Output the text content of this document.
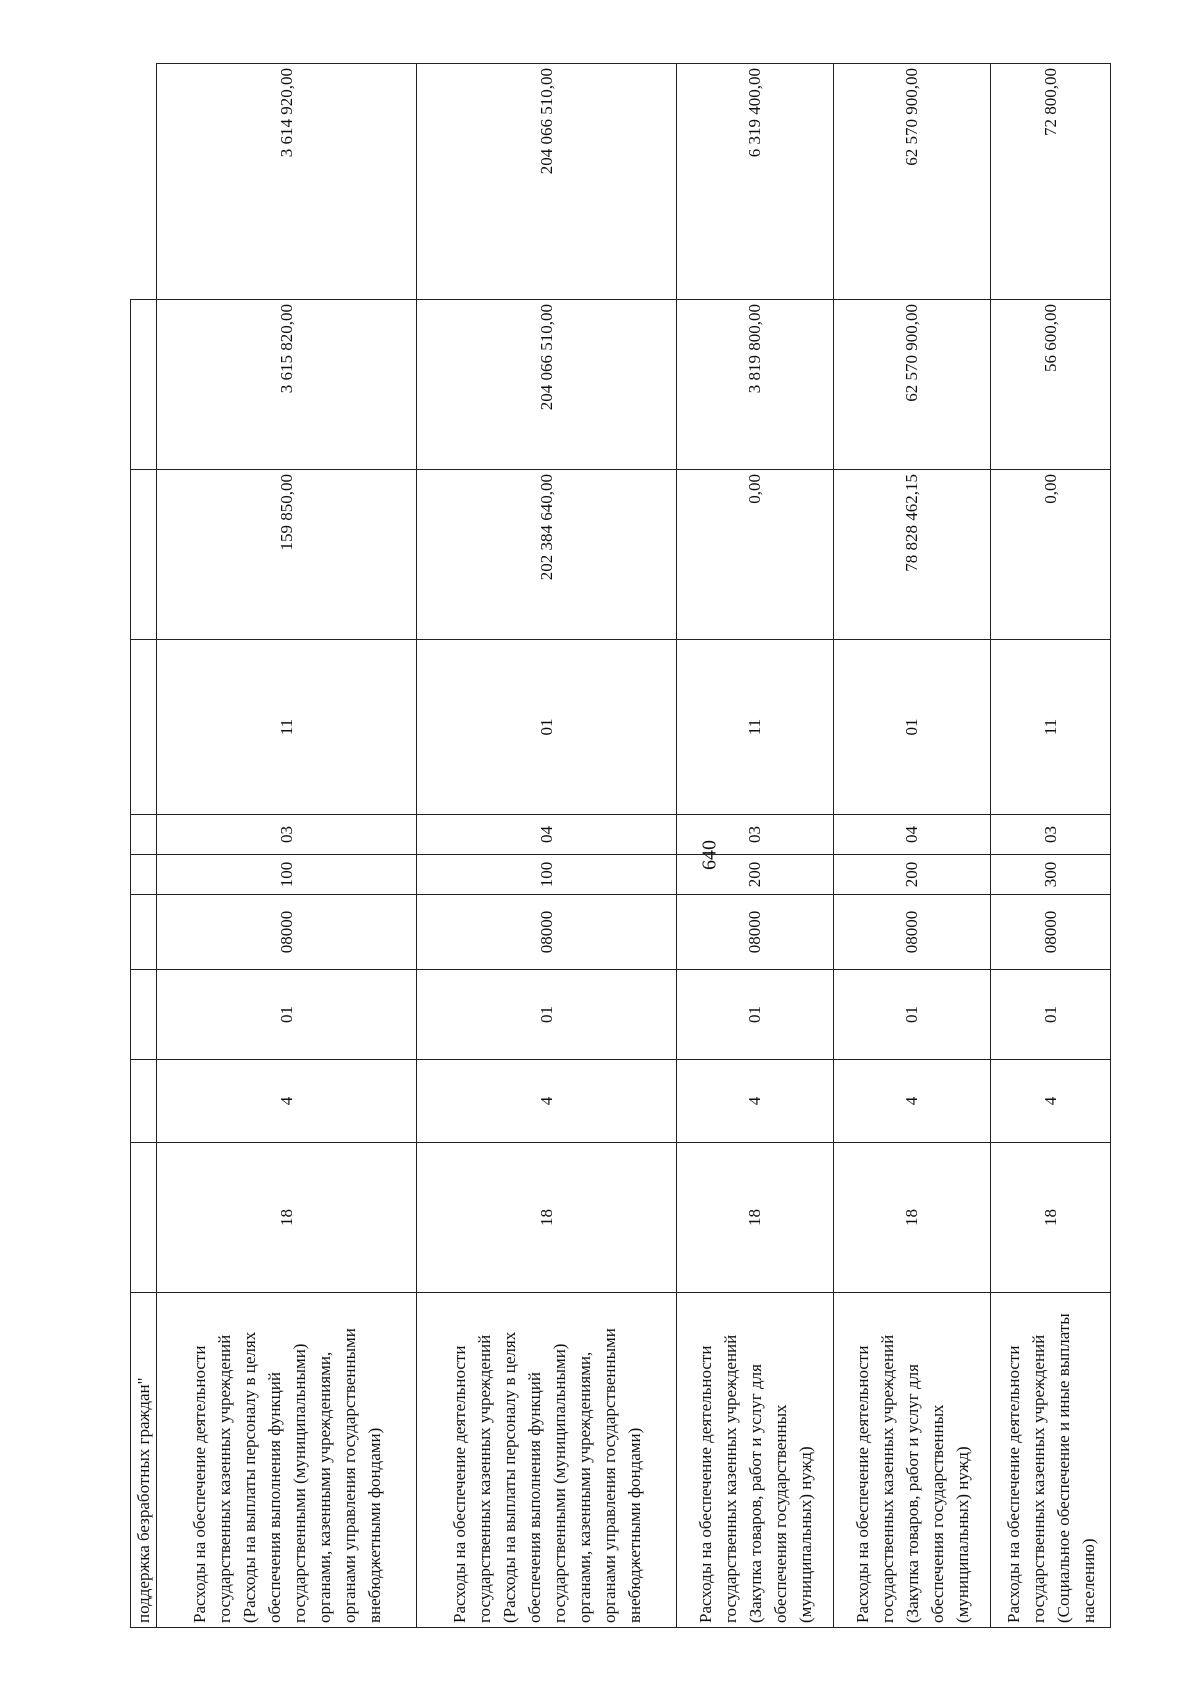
640
поддержка безработных граждан"										
Расходы на обеспечение деятельности государственных казенных учреждений (Расходы на выплаты персоналу в целях обеспечения выполнения функций государственными (муниципальными) органами, казенными учреждениями, органами управления государственными внебюджетными фондами)	18	4	01	08000	100	03	11	159 850,00	3 615 820,00	3 614 920,00
Расходы на обеспечение деятельности государственных казенных учреждений (Расходы на выплаты персоналу в целях обеспечения выполнения функций государственными (муниципальными) органами, казенными учреждениями, органами управления государственными внебюджетными фондами)	18	4	01	08000	100	04	01	202 384 640,00	204 066 510,00	204 066 510,00
Расходы на обеспечение деятельности государственных казенных учреждений (Закупка товаров, работ и услуг для обеспечения государственных (муниципальных) нужд)	18	4	01	08000	200	03	11	0,00	3 819 800,00	6 319 400,00
Расходы на обеспечение деятельности государственных казенных учреждений (Закупка товаров, работ и услуг для обеспечения государственных (муниципальных) нужд)	18	4	01	08000	200	04	01	78 828 462,15	62 570 900,00	62 570 900,00
Расходы на обеспечение деятельности государственных казенных учреждений (Социальное обеспечение и иные выплаты населению)	18	4	01	08000	300	03	11	0,00	56 600,00	72 800,00
